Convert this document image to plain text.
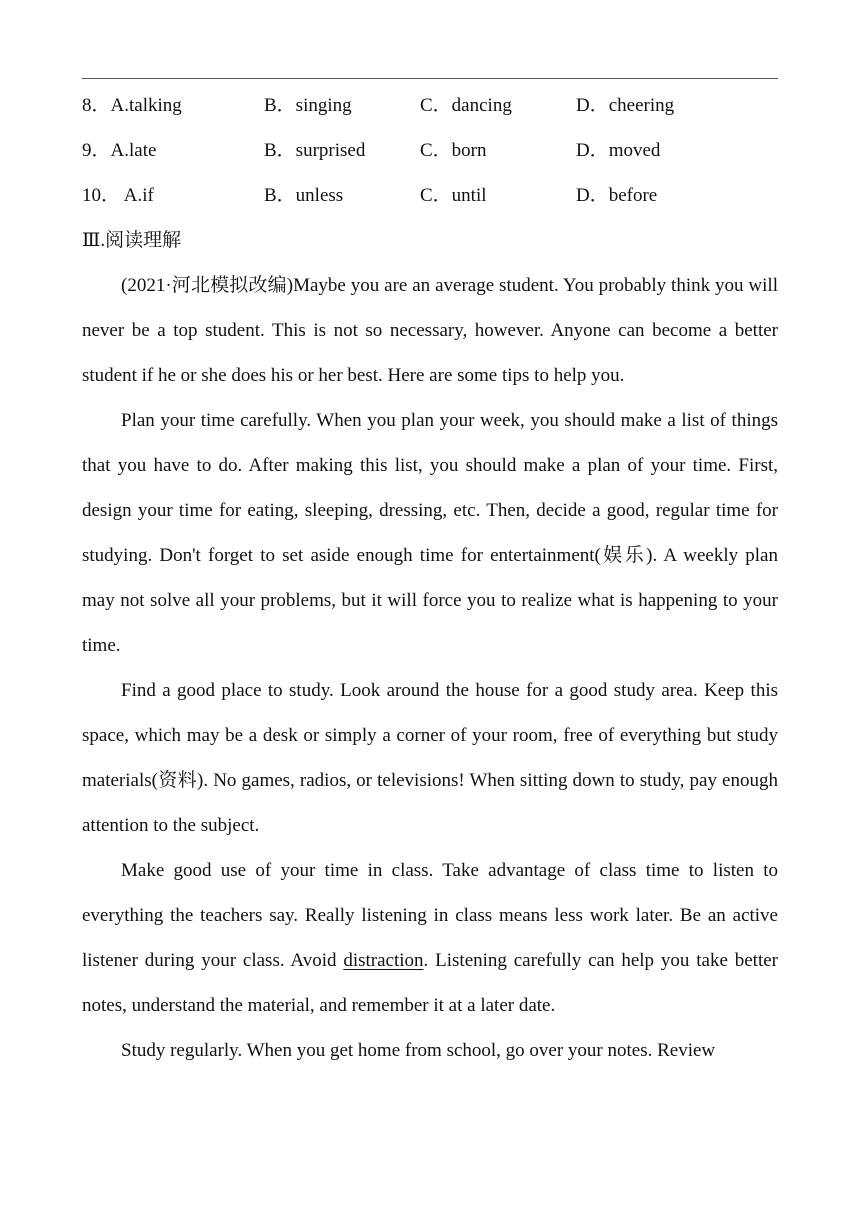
8．A.talking	B．singing	C．dancing	D．cheering
9．A.late	B．surprised	C．born	D．moved
10． A.if	B．unless	C．until	D．before
Ⅲ.阅读理解

(2021·河北模拟改编)Maybe you are an average student. You probably think you will never be a top student. This is not so necessary, however. Anyone can become a better student if he or she does his or her best. Here are some tips to help you.

Plan your time carefully. When you plan your week, you should make a list of things that you have to do. After making this list, you should make a plan of your time. First, design your time for eating, sleeping, dressing, etc. Then, decide a good, regular time for studying. Don't forget to set aside enough time for entertainment(娱乐). A weekly plan may not solve all your problems, but it will force you to realize what is happening to your time.

Find a good place to study. Look around the house for a good study area. Keep this space, which may be a desk or simply a corner of your room, free of everything but study materials(资料). No games, radios, or televisions! When sitting down to study, pay enough attention to the subject.

Make good use of your time in class. Take advantage of class time to listen to everything the teachers say. Really listening in class means less work later. Be an active listener during your class. Avoid distraction. Listening carefully can help you take better notes, understand the material, and remember it at a later date.

Study regularly. When you get home from school, go over your notes. Review
